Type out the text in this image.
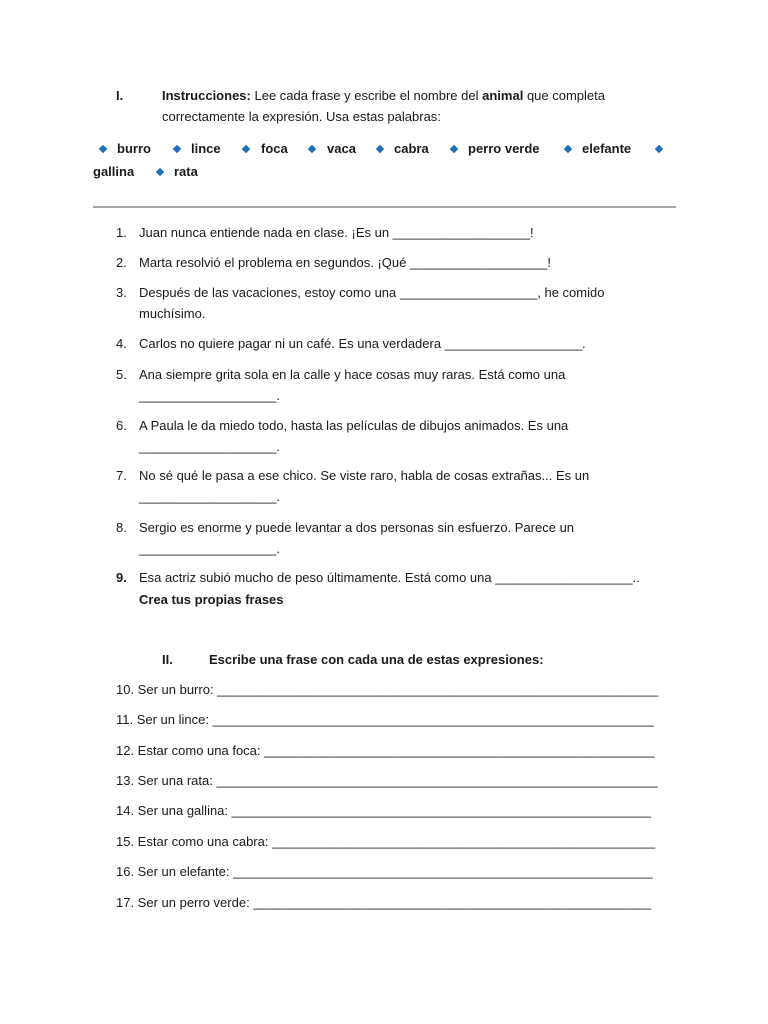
I.	Instrucciones: Lee cada frase y escribe el nombre del animal que completa
correctamente la expresión. Usa estas palabras:
burro	lince	foca	vaca	cabra	perro verde	elefante
gallina	rata
1. Juan nunca entiende nada en clase. ¡Es un ___________________!
2. Marta resolvió el problema en segundos. ¡Qué ___________________!
3. Después de las vacaciones, estoy como una ___________________, he comido
muchísimo.
4. Carlos no quiere pagar ni un café. Es una verdadera ___________________.
5. Ana siempre grita sola en la calle y hace cosas muy raras. Está como una
___________________.
6. A Paula le da miedo todo, hasta las películas de dibujos animados. Es una
___________________.
7. No sé qué le pasa a ese chico. Se viste raro, habla de cosas extrañas... Es un
___________________.
8. Sergio es enorme y puede levantar a dos personas sin esfuerzo. Parece un
___________________.
9. Esa actriz subió mucho de peso últimamente. Está como una ___________________..
Crea tus propias frases
II.	Escribe una frase con cada una de estas expresiones:
10. Ser un burro: _____________________________________________________________
11. Ser un lince: _____________________________________________________________
12. Estar como una foca: ______________________________________________________
13. Ser una rata: _____________________________________________________________
14. Ser una gallina: __________________________________________________________
15. Estar como una cabra: _____________________________________________________
16. Ser un elefante: __________________________________________________________
17. Ser un perro verde: _______________________________________________________
